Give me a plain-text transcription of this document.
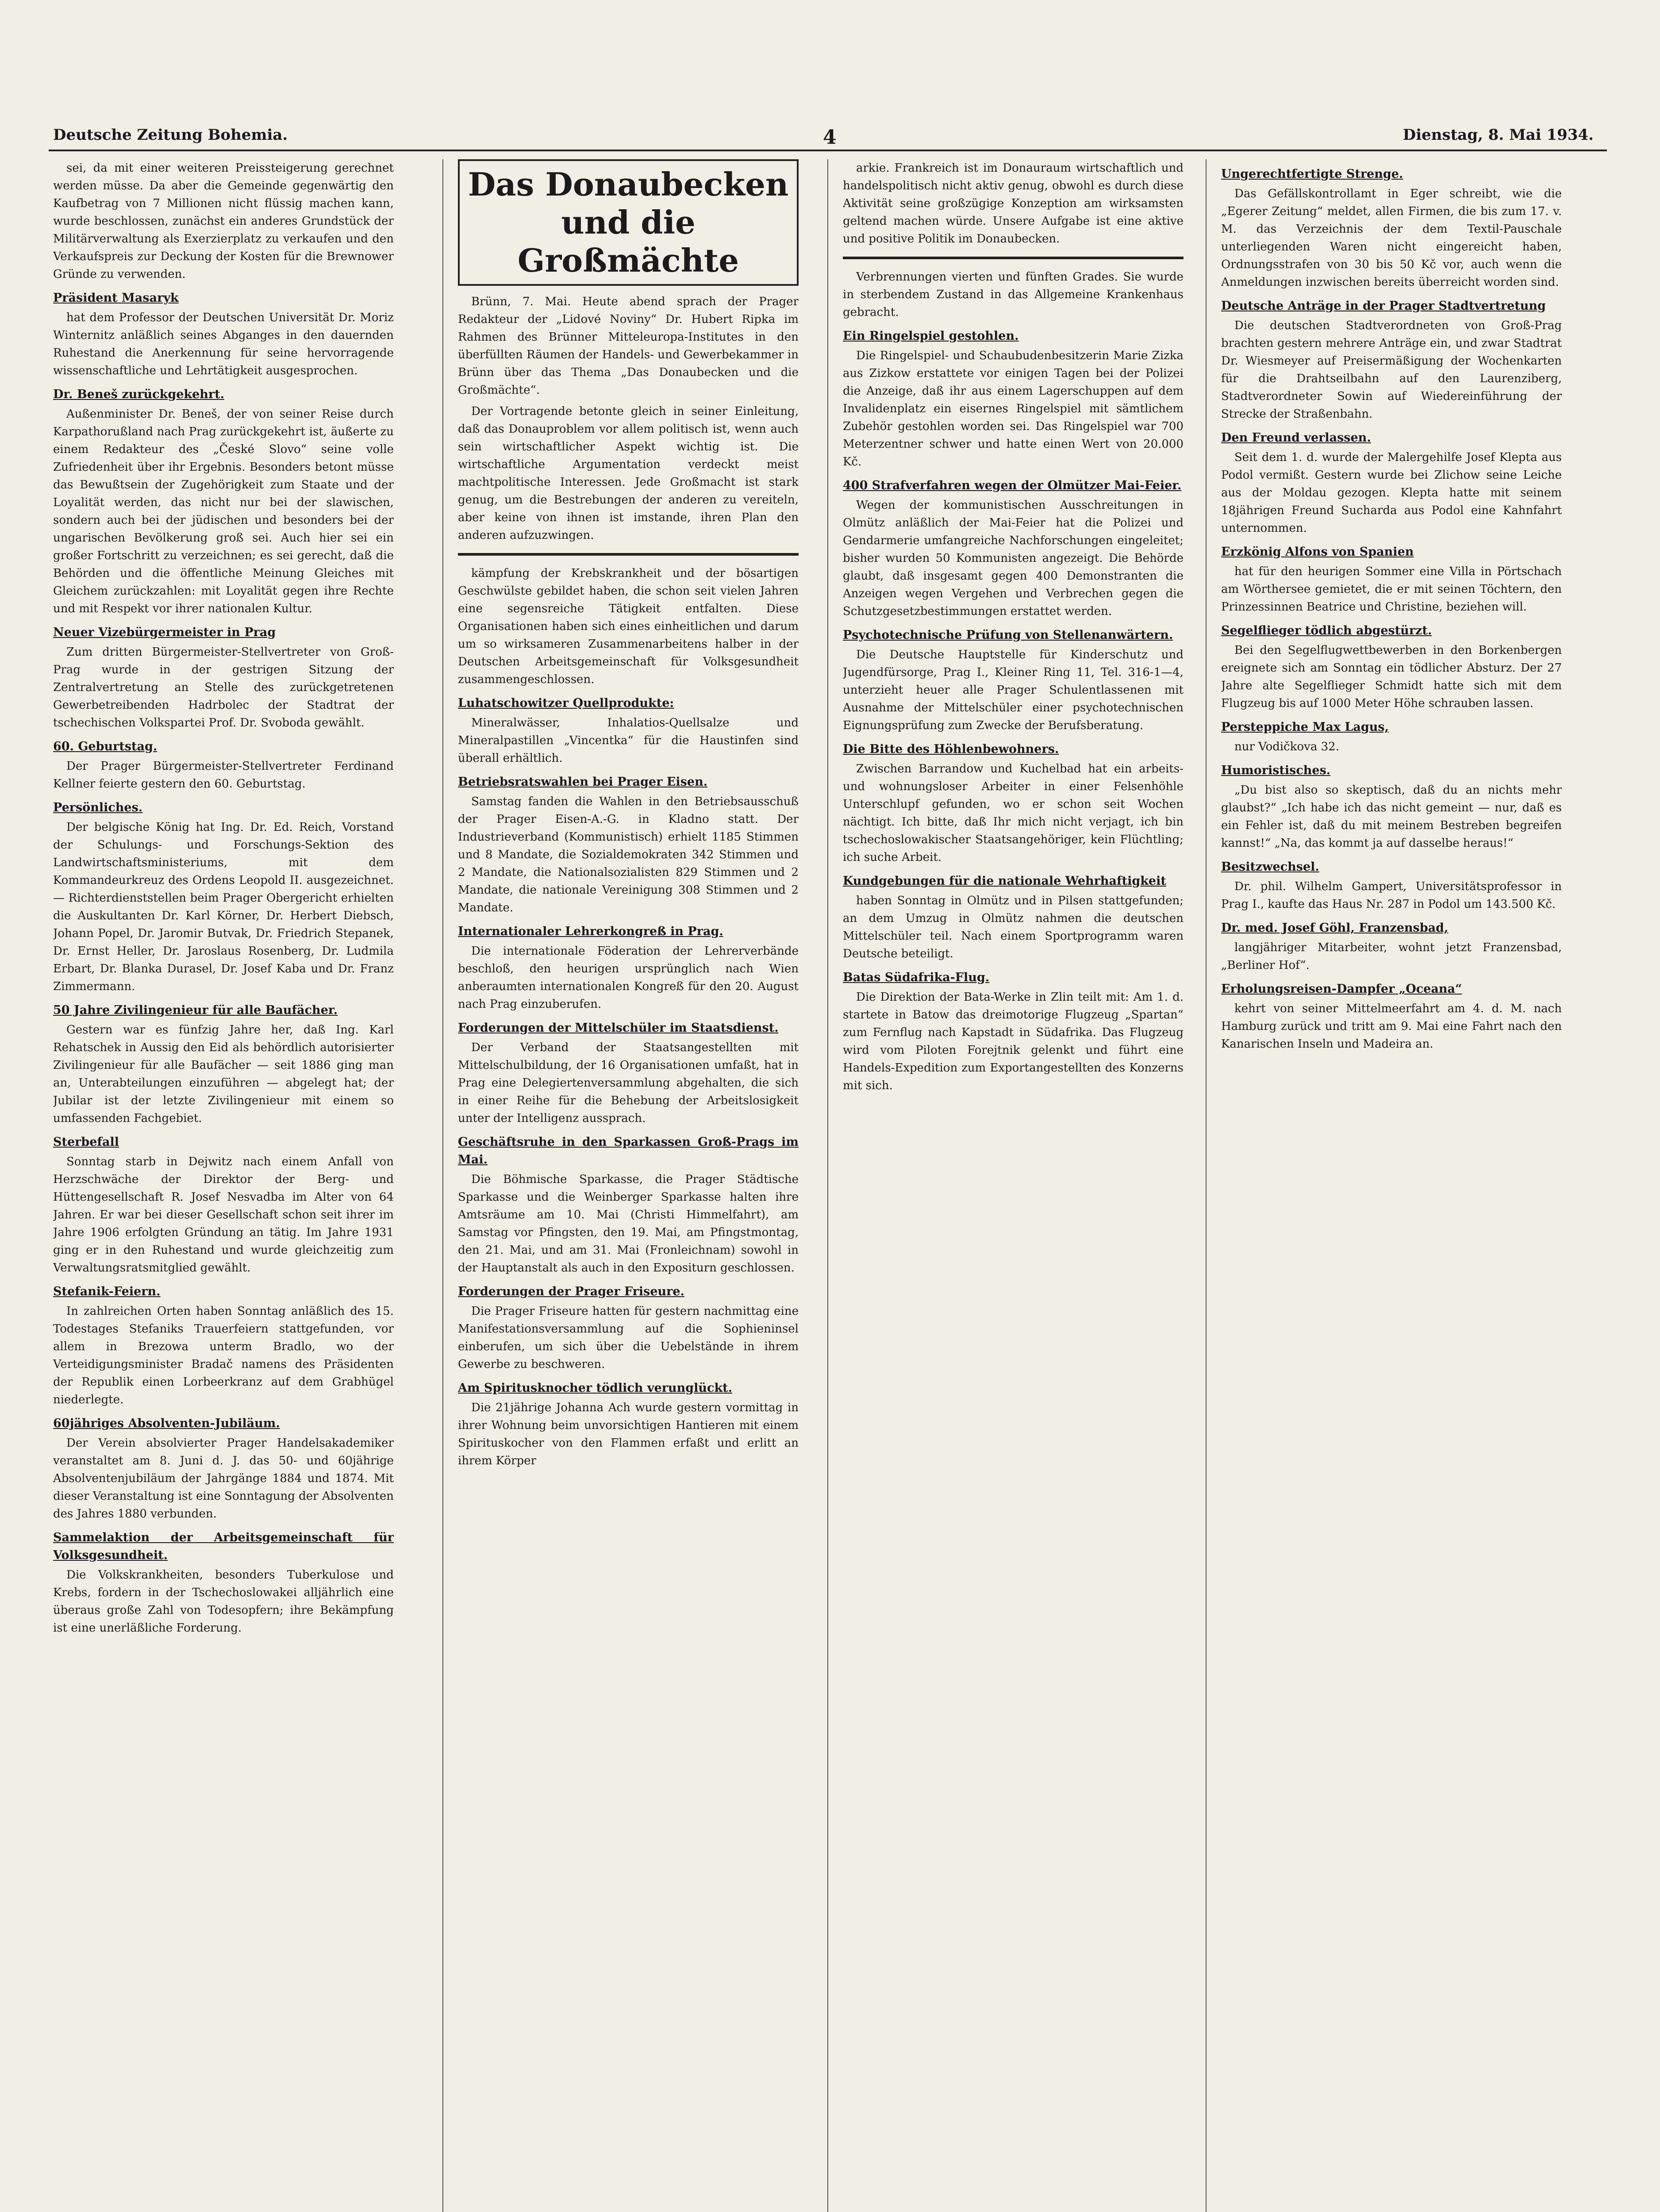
Deutsche Zeitung Bohemia.	4	Dienstag, 8. Mai 1934.

sei, da mit einer weiteren Preissteigerung gerechnet werden müsse. Da aber die Gemeinde gegenwärtig den Kaufbetrag von 7 Millionen nicht flüssig machen kann, wurde beschlossen, zunächst ein anderes Grundstück der Militärverwaltung als Exerzierplatz zu verkaufen und den Verkaufspreis zur Deckung der Kosten für die Brewnower Gründe zu verwenden.

Präsident Masaryk

hat dem Professor der Deutschen Universität Dr. Moriz Winternitz anläßlich seines Abganges in den dauernden Ruhestand die Anerkennung für seine hervorragende wissenschaftliche und Lehrtätigkeit ausgesprochen.

Dr. Beneš zurückgekehrt.

Außenminister Dr. Beneš, der von seiner Reise durch Karpathorußland nach Prag zurückgekehrt ist, äußerte zu einem Redakteur des „České Slovo“ seine volle Zufriedenheit über ihr Ergebnis. Besonders betont müsse das Bewußtsein der Zugehörigkeit zum Staate und der Loyalität werden, das nicht nur bei der slawischen, sondern auch bei der jüdischen und besonders bei der ungarischen Bevölkerung groß sei. Auch hier sei ein großer Fortschritt zu verzeichnen; es sei gerecht, daß die Behörden und die öffentliche Meinung Gleiches mit Gleichem zurückzahlen: mit Loyalität gegen ihre Rechte und mit Respekt vor ihrer nationalen Kultur.

Neuer Vizebürgermeister in Prag

Zum dritten Bürgermeister-Stellvertreter von Groß-Prag wurde in der gestrigen Sitzung der Zentralvertretung an Stelle des zurückgetretenen Gewerbetreibenden Hadrbolec der Stadtrat der tschechischen Volkspartei Prof. Dr. Svoboda gewählt.

60. Geburtstag.

Der Prager Bürgermeister-Stellvertreter Ferdinand Kellner feierte gestern den 60. Geburtstag.

Persönliches.

Der belgische König hat Ing. Dr. Ed. Reich, Vorstand der Schulungs- und Forschungs-Sektion des Landwirtschaftsministeriums, mit dem Kommandeurkreuz des Ordens Leopold II. ausgezeichnet. — Richterdienststellen beim Prager Obergericht erhielten die Auskultanten Dr. Karl Körner, Dr. Herbert Diebsch, Johann Popel, Dr. Jaromir Butvak, Dr. Friedrich Stepanek, Dr. Ernst Heller, Dr. Jaroslaus Rosenberg, Dr. Ludmila Erbart, Dr. Blanka Durasel, Dr. Josef Kaba und Dr. Franz Zimmermann.

50 Jahre Zivilingenieur für alle Baufächer.

Gestern war es fünfzig Jahre her, daß Ing. Karl Rehatschek in Aussig den Eid als behördlich autorisierter Zivilingenieur für alle Baufächer — seit 1886 ging man an, Unterabteilungen einzuführen — abgelegt hat; der Jubilar ist der letzte Zivilingenieur mit einem so umfassenden Fachgebiet.

Sterbefall

Sonntag starb in Dejwitz nach einem Anfall von Herzschwäche der Direktor der Berg- und Hüttengesellschaft R. Josef Nesvadba im Alter von 64 Jahren. Er war bei dieser Gesellschaft schon seit ihrer im Jahre 1906 erfolgten Gründung an tätig. Im Jahre 1931 ging er in den Ruhestand und wurde gleichzeitig zum Verwaltungsratsmitglied gewählt.

Stefanik-Feiern.

In zahlreichen Orten haben Sonntag anläßlich des 15. Todestages Stefaniks Trauerfeiern stattgefunden, vor allem in Brezowa unterm Bradlo, wo der Verteidigungsminister Bradač namens des Präsidenten der Republik einen Lorbeerkranz auf dem Grabhügel niederlegte.

60jähriges Absolventen-Jubiläum.

Der Verein absolvierter Prager Handelsakademiker veranstaltet am 8. Juni d. J. das 50- und 60jährige Absolventenjubiläum der Jahrgänge 1884 und 1874. Mit dieser Veranstaltung ist eine Sonntagung der Absolventen des Jahres 1880 verbunden.

Sammelaktion der Arbeitsgemeinschaft für Volksgesundheit.

Die Volkskrankheiten, besonders Tuberkulose und Krebs, fordern in der Tschechoslowakei alljährlich eine überaus große Zahl von Todesopfern; ihre Bekämpfung ist eine unerläßliche Forderung.

Das Donaubecken und die Großmächte

Brünn, 7. Mai. Heute abend sprach der Prager Redakteur der „Lidové Noviny“ Dr. Hubert Ripka im Rahmen des Brünner Mitteleuropa-Institutes in den überfüllten Räumen der Handels- und Gewerbekammer in Brünn über das Thema „Das Donaubecken und die Großmächte“.

Der Vortragende betonte gleich in seiner Einleitung, daß das Donauproblem vor allem politisch ist, wenn auch sein wirtschaftlicher Aspekt wichtig ist. Die wirtschaftliche Argumentation verdeckt meist machtpolitische Interessen. Jede Großmacht ist stark genug, um die Bestrebungen der anderen zu vereiteln, aber keine von ihnen ist imstande, ihren Plan den anderen aufzuzwingen.

kämpfung der Krebskrankheit und der bösartigen Geschwülste gebildet haben, die schon seit vielen Jahren eine segensreiche Tätigkeit entfalten. Diese Organisationen haben sich eines einheitlichen und darum um so wirksameren Zusammenarbeitens halber in der Deutschen Arbeitsgemeinschaft für Volksgesundheit zusammengeschlossen.

Luhatschowitzer Quellprodukte:

Mineralwässer, Inhalatios-Quellsalze und Mineralpastillen „Vincentka“ für die Haustinfen sind überall erhältlich.

Betriebsratswahlen bei Prager Eisen.

Samstag fanden die Wahlen in den Betriebsausschuß der Prager Eisen-A.-G. in Kladno statt. Der Industrieverband (Kommunistisch) erhielt 1185 Stimmen und 8 Mandate, die Sozialdemokraten 342 Stimmen und 2 Mandate, die Nationalsozialisten 829 Stimmen und 2 Mandate, die nationale Vereinigung 308 Stimmen und 2 Mandate.

Internationaler Lehrerkongreß in Prag.

Die internationale Föderation der Lehrerverbände beschloß, den heurigen ursprünglich nach Wien anberaumten internationalen Kongreß für den 20. August nach Prag einzuberufen.

Forderungen der Mittelschüler im Staatsdienst.

Der Verband der Staatsangestellten mit Mittelschulbildung, der 16 Organisationen umfaßt, hat in Prag eine Delegiertenversammlung abgehalten, die sich in einer Reihe für die Behebung der Arbeitslosigkeit unter der Intelligenz aussprach.

Geschäftsruhe in den Sparkassen Groß-Prags im Mai.

Die Böhmische Sparkasse, die Prager Städtische Sparkasse und die Weinberger Sparkasse halten ihre Amtsräume am 10. Mai (Christi Himmelfahrt), am Samstag vor Pfingsten, den 19. Mai, am Pfingstmontag, den 21. Mai, und am 31. Mai (Fronleichnam) sowohl in der Hauptanstalt als auch in den Expositurn geschlossen.

Forderungen der Prager Friseure.

Die Prager Friseure hatten für gestern nachmittag eine Manifestationsversammlung auf die Sophieninsel einberufen, um sich über die Uebelstände in ihrem Gewerbe zu beschweren.

Am Spiritusknocher tödlich verunglückt.

Die 21jährige Johanna Ach wurde gestern vormittag in ihrer Wohnung beim unvorsichtigen Hantieren mit einem Spirituskocher von den Flammen erfaßt und erlitt an ihrem Körper

arkie. Frankreich ist im Donauraum wirtschaftlich und handelspolitisch nicht aktiv genug, obwohl es durch diese Aktivität seine großzügige Konzeption am wirksamsten geltend machen würde. Unsere Aufgabe ist eine aktive und positive Politik im Donaubecken.

Verbrennungen vierten und fünften Grades. Sie wurde in sterbendem Zustand in das Allgemeine Krankenhaus gebracht.

Ein Ringelspiel gestohlen.

Die Ringelspiel- und Schaubudenbesitzerin Marie Zizka aus Zizkow erstattete vor einigen Tagen bei der Polizei die Anzeige, daß ihr aus einem Lagerschuppen auf dem Invalidenplatz ein eisernes Ringelspiel mit sämtlichem Zubehör gestohlen worden sei. Das Ringelspiel war 700 Meterzentner schwer und hatte einen Wert von 20.000 Kč.

400 Strafverfahren wegen der Olmützer Mai-Feier.

Wegen der kommunistischen Ausschreitungen in Olmütz anläßlich der Mai-Feier hat die Polizei und Gendarmerie umfangreiche Nachforschungen eingeleitet; bisher wurden 50 Kommunisten angezeigt. Die Behörde glaubt, daß insgesamt gegen 400 Demonstranten die Anzeigen wegen Vergehen und Verbrechen gegen die Schutzgesetzbestimmungen erstattet werden.

Psychotechnische Prüfung von Stellenanwärtern.

Die Deutsche Hauptstelle für Kinderschutz und Jugendfürsorge, Prag I., Kleiner Ring 11, Tel. 316-1—4, unterzieht heuer alle Prager Schulentlassenen mit Ausnahme der Mittelschüler einer psychotechnischen Eignungsprüfung zum Zwecke der Berufsberatung.

Die Bitte des Höhlenbewohners.

Zwischen Barrandow und Kuchelbad hat ein arbeits- und wohnungsloser Arbeiter in einer Felsenhöhle Unterschlupf gefunden, wo er schon seit Wochen nächtigt. Ich bitte, daß Ihr mich nicht verjagt, ich bin tschechoslowakischer Staatsangehöriger, kein Flüchtling; ich suche Arbeit.

Kundgebungen für die nationale Wehrhaftigkeit

haben Sonntag in Olmütz und in Pilsen stattgefunden; an dem Umzug in Olmütz nahmen die deutschen Mittelschüler teil. Nach einem Sportprogramm waren Deutsche beteiligt.

Batas Südafrika-Flug.

Die Direktion der Bata-Werke in Zlin teilt mit: Am 1. d. startete in Batow das dreimotorige Flugzeug „Spartan“ zum Fernflug nach Kapstadt in Südafrika. Das Flugzeug wird vom Piloten Forejtnik gelenkt und führt eine Handels-Expedition zum Exportangestellten des Konzerns mit sich.

Ungerechtfertigte Strenge.

Das Gefällskontrollamt in Eger schreibt, wie die „Egerer Zeitung“ meldet, allen Firmen, die bis zum 17. v. M. das Verzeichnis der dem Textil-Pauschale unterliegenden Waren nicht eingereicht haben, Ordnungsstrafen von 30 bis 50 Kč vor, auch wenn die Anmeldungen inzwischen bereits überreicht worden sind.

Deutsche Anträge in der Prager Stadtvertretung

Die deutschen Stadtverordneten von Groß-Prag brachten gestern mehrere Anträge ein, und zwar Stadtrat Dr. Wiesmeyer auf Preisermäßigung der Wochenkarten für die Drahtseilbahn auf den Laurenziberg, Stadtverordneter Sowin auf Wiedereinführung der Strecke der Straßenbahn.

Den Freund verlassen.

Seit dem 1. d. wurde der Malergehilfe Josef Klepta aus Podol vermißt. Gestern wurde bei Zlichow seine Leiche aus der Moldau gezogen. Klepta hatte mit seinem 18jährigen Freund Sucharda aus Podol eine Kahnfahrt unternommen.

Erzkönig Alfons von Spanien

hat für den heurigen Sommer eine Villa in Pörtschach am Wörthersee gemietet, die er mit seinen Töchtern, den Prinzessinnen Beatrice und Christine, beziehen will.

Segelflieger tödlich abgestürzt.

Bei den Segelflugwettbewerben in den Borkenbergen ereignete sich am Sonntag ein tödlicher Absturz. Der 27 Jahre alte Segelflieger Schmidt hatte sich mit dem Flugzeug bis auf 1000 Meter Höhe schrauben lassen.

Persteppiche Max Lagus,

nur Vodičkova 32.

Humoristisches.

„Du bist also so skeptisch, daß du an nichts mehr glaubst?“ „Ich habe ich das nicht gemeint — nur, daß es ein Fehler ist, daß du mit meinem Bestreben begreifen kannst!“ „Na, das kommt ja auf dasselbe heraus!“

Besitzwechsel.

Dr. phil. Wilhelm Gampert, Universitätsprofessor in Prag I., kaufte das Haus Nr. 287 in Podol um 143.500 Kč.

Dr. med. Josef Göhl, Franzensbad,

langjähriger Mitarbeiter, wohnt jetzt Franzensbad, „Berliner Hof“.

Erholungsreisen-Dampfer „Oceana“

kehrt von seiner Mittelmeerfahrt am 4. d. M. nach Hamburg zurück und tritt am 9. Mai eine Fahrt nach den Kanarischen Inseln und Madeira an.
